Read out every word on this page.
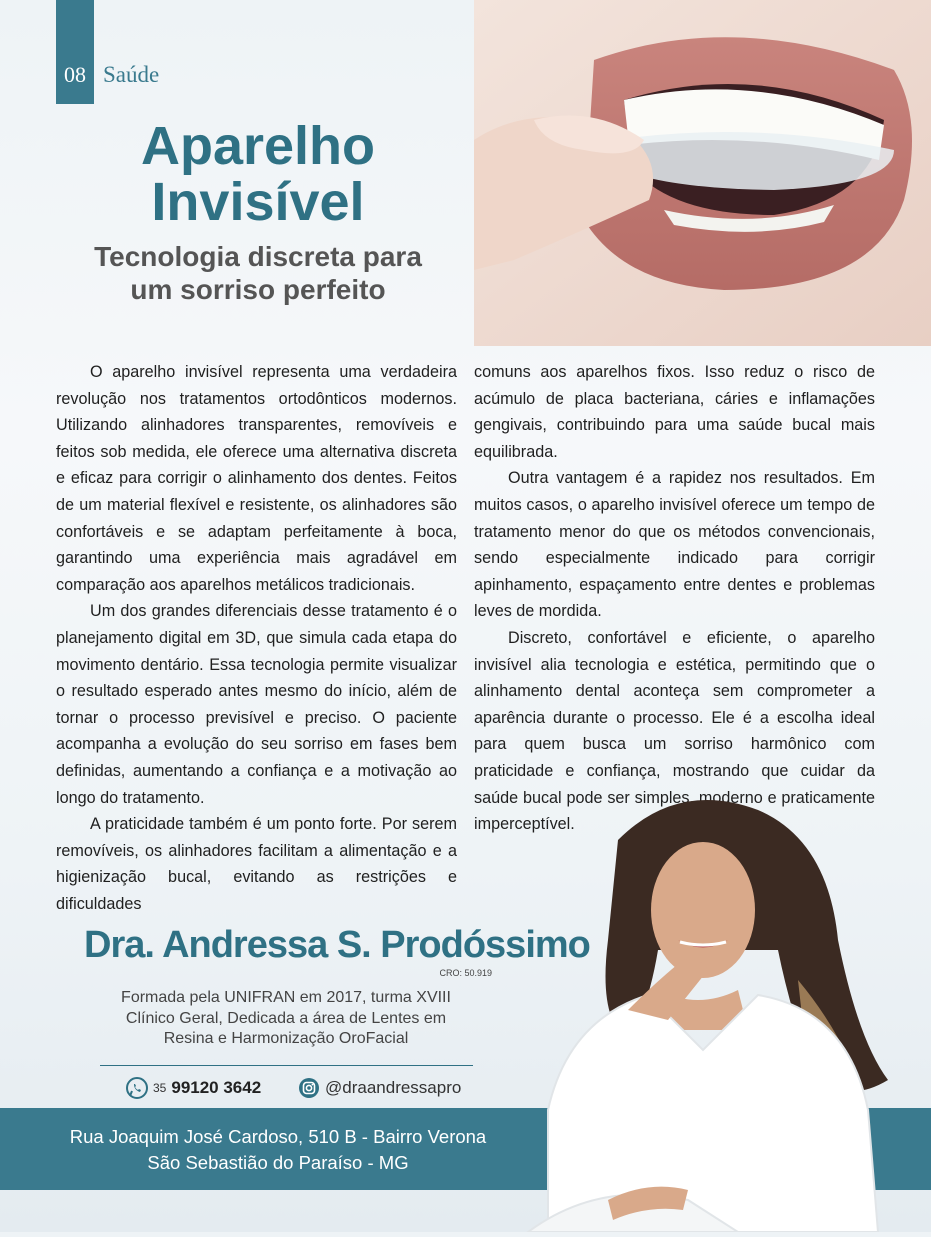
08 Saúde
Aparelho
Invisível
Tecnologia discreta para
um sorriso perfeito

O aparelho invisível representa uma verdadeira revolução nos tratamentos ortodônticos modernos. Utilizando alinhadores transparentes, removíveis e feitos sob medida, ele oferece uma alternativa discreta e eficaz para corrigir o alinhamento dos dentes. Feitos de um material flexível e resistente, os alinhadores são confortáveis e se adaptam perfeitamente à boca, garantindo uma experiência mais agradável em comparação aos aparelhos metálicos tradicionais.

Um dos grandes diferenciais desse tratamento é o planejamento digital em 3D, que simula cada etapa do movimento dentário. Essa tecnologia permite visualizar o resultado esperado antes mesmo do início, além de tornar o processo previsível e preciso. O paciente acompanha a evolução do seu sorriso em fases bem definidas, aumentando a confiança e a motivação ao longo do tratamento.

A praticidade também é um ponto forte. Por serem removíveis, os alinhadores facilitam a alimentação e a higienização bucal, evitando as restrições e dificuldades

comuns aos aparelhos fixos. Isso reduz o risco de acúmulo de placa bacteriana, cáries e inflamações gengivais, contribuindo para uma saúde bucal mais equilibrada.

Outra vantagem é a rapidez nos resultados. Em muitos casos, o aparelho invisível oferece um tempo de tratamento menor do que os métodos convencionais, sendo especialmente indicado para corrigir apinhamento, espaçamento entre dentes e problemas leves de mordida.

Discreto, confortável e eficiente, o aparelho invisível alia tecnologia e estética, permitindo que o alinhamento dental aconteça sem comprometer a aparência durante o processo. Ele é a escolha ideal para quem busca um sorriso harmônico com praticidade e confiança, mostrando que cuidar da saúde bucal pode ser simples, moderno e praticamente imperceptível.

Dra. Andressa S. Prodóssimo
CRO: 50.919
Formada pela UNIFRAN em 2017, turma XVIII
Clínico Geral, Dedicada a área de Lentes em
Resina e Harmonização OroFacial
35 99120 3642	@draandressapro
Rua Joaquim José Cardoso, 510 B - Bairro Verona
São Sebastião do Paraíso - MG
